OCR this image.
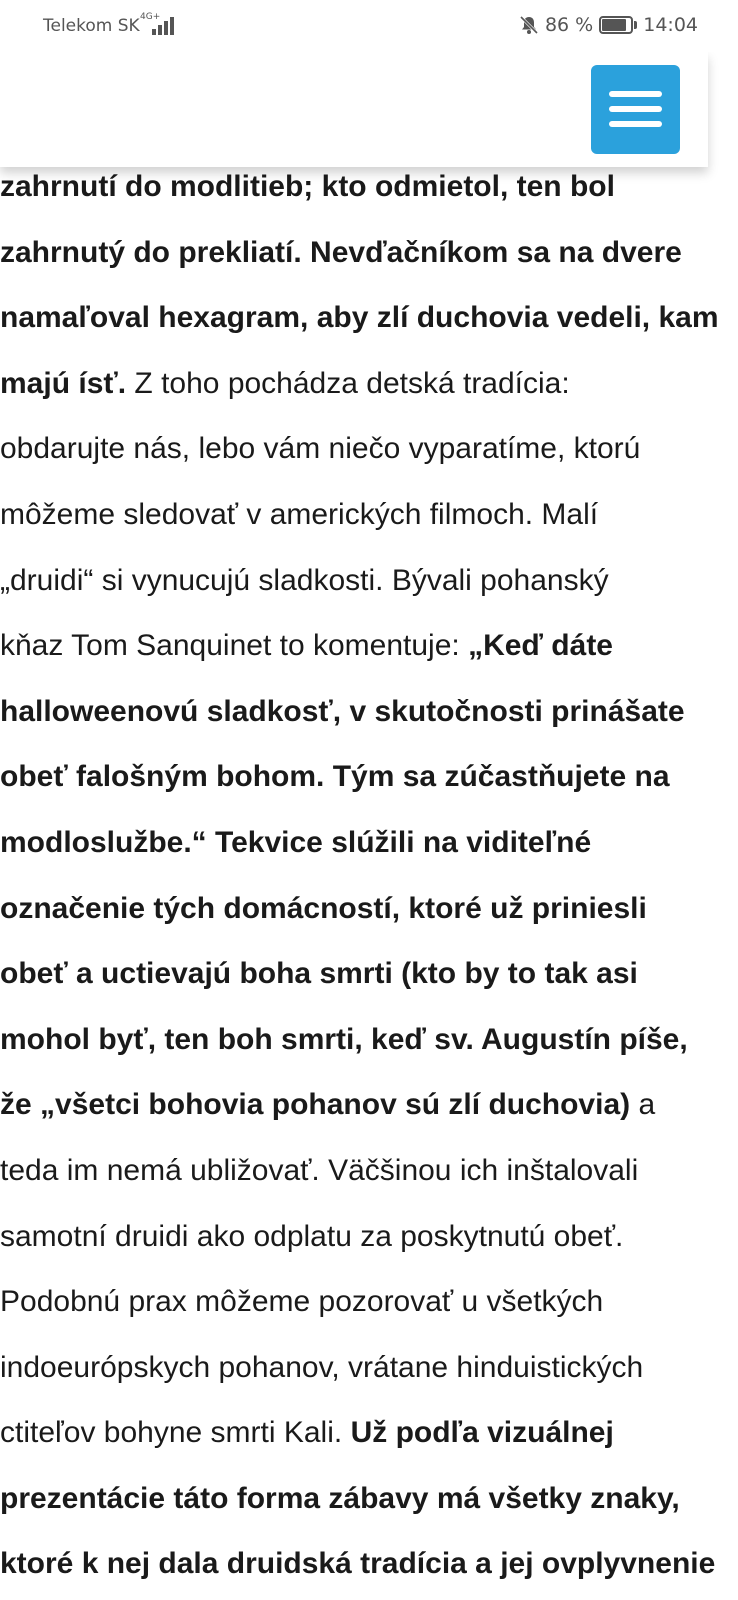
Telekom SK 4G+	86 %	14:04
zahrnutí do modlitieb; kto odmietol, ten bol
zahrnutý do prekliatí. Nevďačníkom sa na dvere
namaľoval hexagram, aby zlí duchovia vedeli, kam
majú ísť. Z toho pochádza detská tradícia:
obdarujte nás, lebo vám niečo vyparatíme, ktorú
môžeme sledovať v amerických filmoch. Malí
„druidi“ si vynucujú sladkosti. Bývali pohanský
kňaz Tom Sanquinet to komentuje: „Keď dáte
halloweenovú sladkosť, v skutočnosti prinášate
obeť falošným bohom. Tým sa zúčastňujete na
modloslužbe.“ Tekvice slúžili na viditeľné
označenie tých domácností, ktoré už priniesli
obeť a uctievajú boha smrti (kto by to tak asi
mohol byť, ten boh smrti, keď sv. Augustín píše,
že „všetci bohovia pohanov sú zlí duchovia) a
teda im nemá ubližovať. Väčšinou ich inštalovali
samotní druidi ako odplatu za poskytnutú obeť.
Podobnú prax môžeme pozorovať u všetkých
indoeurópskych pohanov, vrátane hinduistických
ctiteľov bohyne smrti Kali. Už podľa vizuálnej
prezentácie táto forma zábavy má všetky znaky,
ktoré k nej dala druidská tradícia a jej ovplyvnenie
